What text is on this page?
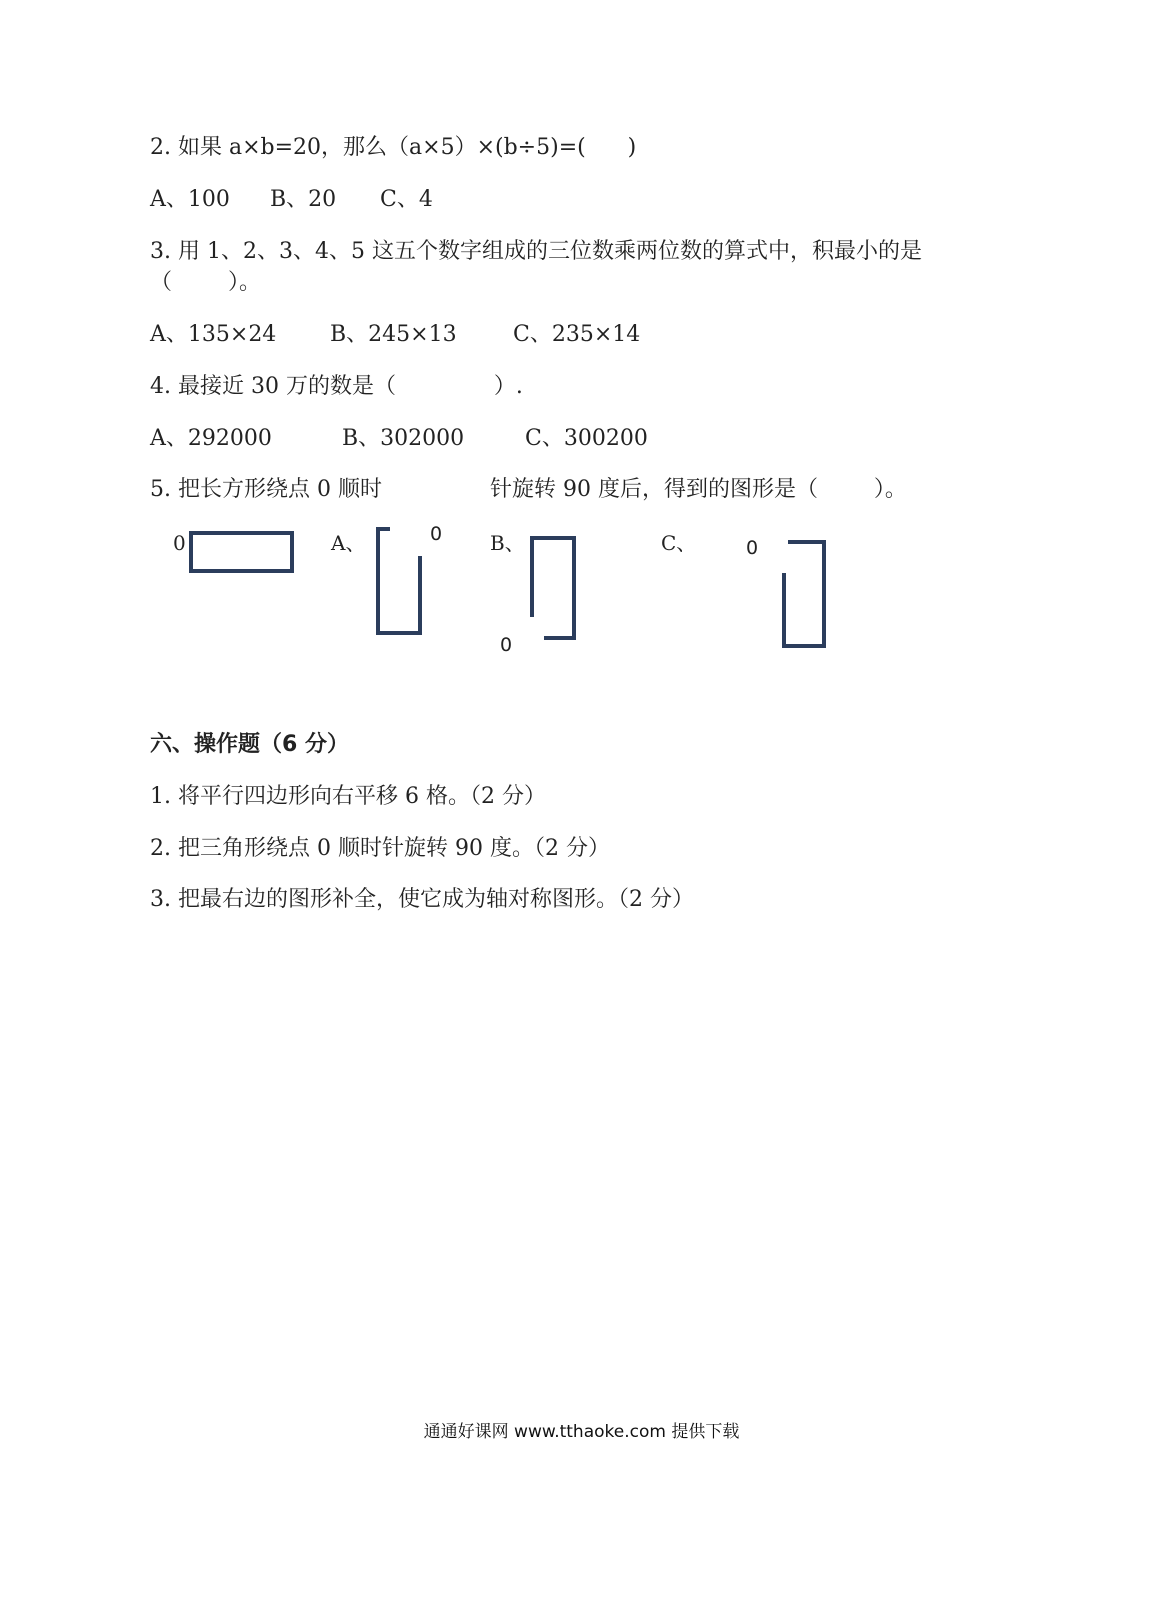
2. 如果 a×b=20，那么（a×5）×(b÷5)=(      )
A、100 B、20 C、4
3. 用 1、2、3、4、5 这五个数字组成的三位数乘两位数的算式中，积最小的是
（        ）。
A、135×24 B、245×13	C、235×14
4. 最接近 30 万的数是（              ）.
A、292000	B、302000	C、300200
5. 把长方形绕点 0 顺时	针旋转 90 度后，得到的图形是（        ）。
0	A、	0 B、
0
C、	0
六、操作题（6 分）
1. 将平行四边形向右平移 6 格。（2 分）
2. 把三角形绕点 0 顺时针旋转 90 度。（2 分）
3. 把最右边的图形补全，使它成为轴对称图形。（2 分）
通通好课网 www.tthaoke.com 提供下载
